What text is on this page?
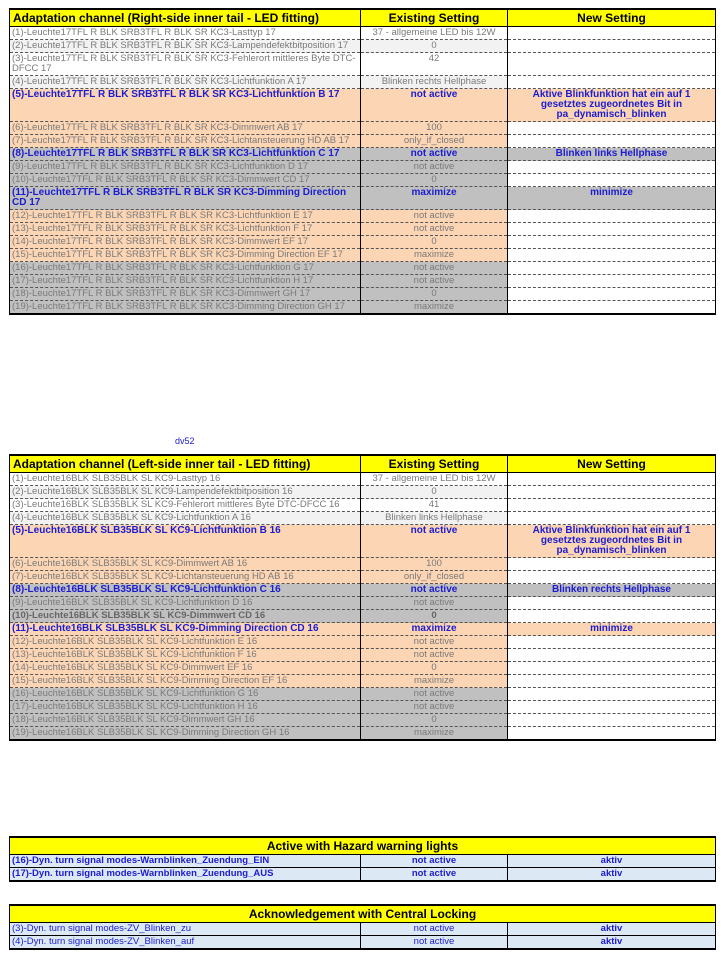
Adaptation channel (Right-side inner tail - LED fitting)	Existing Setting	New Setting
(1)-Leuchte17TFL R BLK SRB3TFL R BLK SR KC3-Lasttyp 17	37 - allgemeine LED bis 12W	
(2)-Leuchte17TFL R BLK SRB3TFL R BLK SR KC3-Lampendefektbitposition 17	0	
(3)-Leuchte17TFL R BLK SRB3TFL R BLK SR KC3-Fehlerort mittleres Byte DTC-DFCC 17	42	
(4)-Leuchte17TFL R BLK SRB3TFL R BLK SR KC3-Lichtfunktion A 17	Blinken rechts Hellphase	
(5)-Leuchte17TFL R BLK SRB3TFL R BLK SR KC3-Lichtfunktion B 17	not active	Aktive Blinkfunktion hat ein auf 1 gesetztes zugeordnetes Bit in pa_dynamisch_blinken
(6)-Leuchte17TFL R BLK SRB3TFL R BLK SR KC3-Dimmwert AB 17	100	
(7)-Leuchte17TFL R BLK SRB3TFL R BLK SR KC3-Lichtansteuerung HD AB 17	only_if_closed	
(8)-Leuchte17TFL R BLK SRB3TFL R BLK SR KC3-Lichtfunktion C 17	not active	Blinken links Hellphase
(9)-Leuchte17TFL R BLK SRB3TFL R BLK SR KC3-Lichtfunktion D 17	not active	
(10)-Leuchte17TFL R BLK SRB3TFL R BLK SR KC3-Dimmwert CD 17	0	
(11)-Leuchte17TFL R BLK SRB3TFL R BLK SR KC3-Dimming Direction CD 17	maximize	minimize
(12)-Leuchte17TFL R BLK SRB3TFL R BLK SR KC3-Lichtfunktion E 17	not active	
(13)-Leuchte17TFL R BLK SRB3TFL R BLK SR KC3-Lichtfunktion F 17	not active	
(14)-Leuchte17TFL R BLK SRB3TFL R BLK SR KC3-Dimmwert EF 17	0	
(15)-Leuchte17TFL R BLK SRB3TFL R BLK SR KC3-Dimming Direction EF 17	maximize	
(16)-Leuchte17TFL R BLK SRB3TFL R BLK SR KC3-Lichtfunktion G 17	not active	
(17)-Leuchte17TFL R BLK SRB3TFL R BLK SR KC3-Lichtfunktion H 17	not active	
(18)-Leuchte17TFL R BLK SRB3TFL R BLK SR KC3-Dimmwert GH 17	0	
(19)-Leuchte17TFL R BLK SRB3TFL R BLK SR KC3-Dimming Direction GH 17	maximize	
dv52
Adaptation channel (Left-side inner tail - LED fitting)	Existing Setting	New Setting
(1)-Leuchte16BLK SLB35BLK SL KC9-Lasttyp 16	37 - allgemeine LED bis 12W	
(2)-Leuchte16BLK SLB35BLK SL KC9-Lampendefektbitposition 16	0	
(3)-Leuchte16BLK SLB35BLK SL KC9-Fehlerort mittleres Byte DTC-DFCC 16	41	
(4)-Leuchte16BLK SLB35BLK SL KC9-Lichtfunktion A 16	Blinken links Hellphase	
(5)-Leuchte16BLK SLB35BLK SL KC9-Lichtfunktion B 16	not active	Aktive Blinkfunktion hat ein auf 1 gesetztes zugeordnetes Bit in pa_dynamisch_blinken
(6)-Leuchte16BLK SLB35BLK SL KC9-Dimmwert AB 16	100	
(7)-Leuchte16BLK SLB35BLK SL KC9-Lichtansteuerung HD AB 16	only_if_closed	
(8)-Leuchte16BLK SLB35BLK SL KC9-Lichtfunktion C 16	not active	Blinken rechts Hellphase
(9)-Leuchte16BLK SLB35BLK SL KC9-Lichtfunktion D 16	not active	
(10)-Leuchte16BLK SLB35BLK SL KC9-Dimmwert CD 16	0	
(11)-Leuchte16BLK SLB35BLK SL KC9-Dimming Direction CD 16	maximize	minimize
(12)-Leuchte16BLK SLB35BLK SL KC9-Lichtfunktion E 16	not active	
(13)-Leuchte16BLK SLB35BLK SL KC9-Lichtfunktion F 16	not active	
(14)-Leuchte16BLK SLB35BLK SL KC9-Dimmwert EF 16	0	
(15)-Leuchte16BLK SLB35BLK SL KC9-Dimming Direction EF 16	maximize	
(16)-Leuchte16BLK SLB35BLK SL KC9-Lichtfunktion G 16	not active	
(17)-Leuchte16BLK SLB35BLK SL KC9-Lichtfunktion H 16	not active	
(18)-Leuchte16BLK SLB35BLK SL KC9-Dimmwert GH 16	0	
(19)-Leuchte16BLK SLB35BLK SL KC9-Dimming Direction GH 16	maximize	
Active with Hazard warning lights		
(16)-Dyn. turn signal modes-Warnblinken_Zuendung_EIN	not active	aktiv
(17)-Dyn. turn signal modes-Warnblinken_Zuendung_AUS	not active	aktiv
Acknowledgement with Central Locking		
(3)-Dyn. turn signal modes-ZV_Blinken_zu	not active	aktiv
(4)-Dyn. turn signal modes-ZV_Blinken_auf	not active	aktiv
